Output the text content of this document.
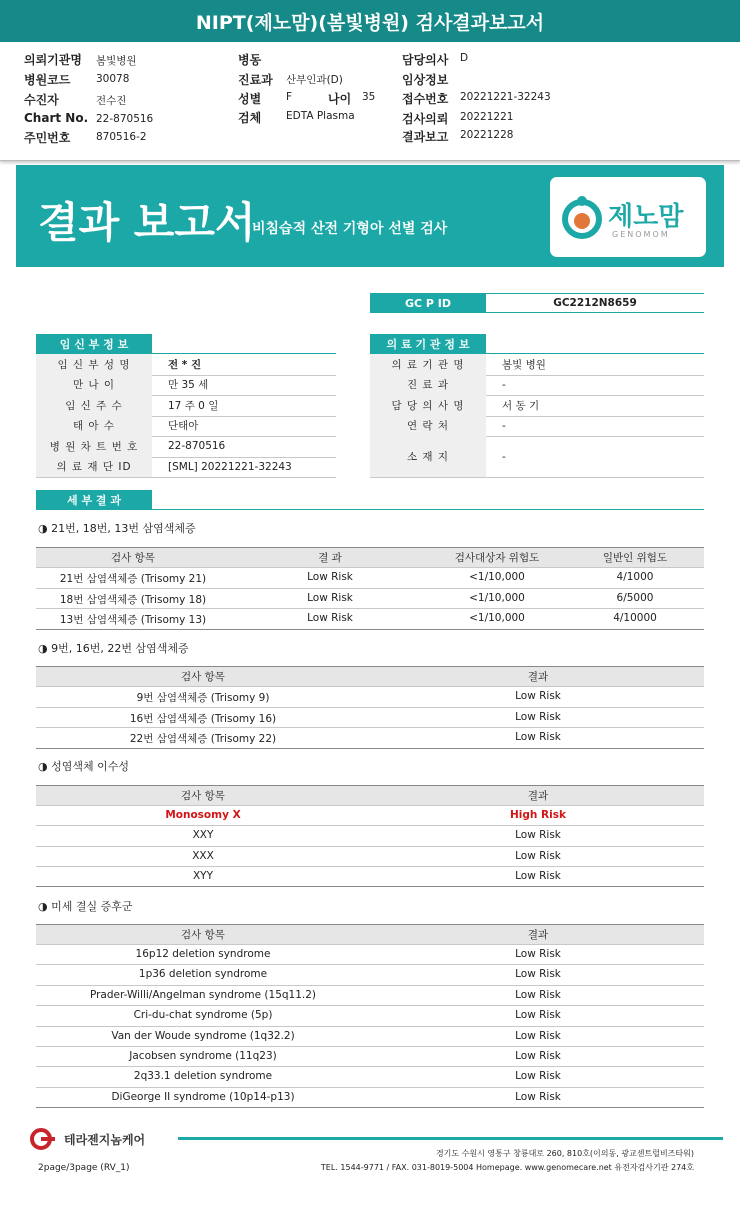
NIPT(제노맘)(봄빛병원) 검사결과보고서
의뢰기관명 봄빛병원
병원코드 30078
수진자	전수진
Chart No. 22-870516
주민번호 870516-2
병동
진료과 산부인과(D)
성별 F	나이 35
검체 EDTA Plasma
담당의사 D
임상정보
접수번호 20221221-32243
검사의뢰 20221221
결과보고 20221228
결과 보고서
비침습적 산전 기형아 선별 검사	제노맘
GENOMOM
GC P ID	GC2212N8659
임 신 부 정 보
임 신 부 성 명	전 * 진
만 나 이	만 35 세
임 신 주 수	17 주 0 일
태 아 수	단태아
병 원 차 트 번 호	22-870516
의 료 재 단 ID	[SML] 20221221-32243
의 료 기 관 정 보
의 료 기 관 명	봄빛 병원
진 료 과	-
담 당 의 사 명	서 동 기
연 락 처	-
소 재 지	-
세 부 결 과
◑ 21번, 18번, 13번 삼염색체증
검사 항목	결 과	검사대상자 위험도	일반인 위험도
21번 삼염색체증 (Trisomy 21)	Low Risk	<1/10,000	4/1000
18번 삼염색체증 (Trisomy 18)	Low Risk	<1/10,000	6/5000
13번 삼염색체증 (Trisomy 13)	Low Risk	<1/10,000	4/10000
◑ 9번, 16번, 22번 삼염색체증
검사 항목	결과
9번 삼염색체증 (Trisomy 9)	Low Risk
16번 삼염색체증 (Trisomy 16)	Low Risk
22번 삼염색체증 (Trisomy 22)	Low Risk
◑ 성염색체 이수성
검사 항목	결과
Monosomy X	High Risk
XXY	Low Risk
XXX	Low Risk
XYY	Low Risk
◑ 미세 결실 증후군
검사 항목	결과
16p12 deletion syndrome	Low Risk
1p36 deletion syndrome	Low Risk
Prader-Willi/Angelman syndrome (15q11.2)	Low Risk
Cri-du-chat syndrome (5p)	Low Risk
Van der Woude syndrome (1q32.2)	Low Risk
Jacobsen syndrome (11q23)	Low Risk
2q33.1 deletion syndrome	Low Risk
DiGeorge II syndrome (10p14-p13)	Low Risk
테라젠지놈케어
2page/3page (RV_1)
경기도 수원시 영통구 창룡대로 260, 810호(이의동, 광교센트럴비즈타워)
TEL. 1544-9771 / FAX. 031-8019-5004 Homepage. www.genomecare.net 유전자검사기관 274호
